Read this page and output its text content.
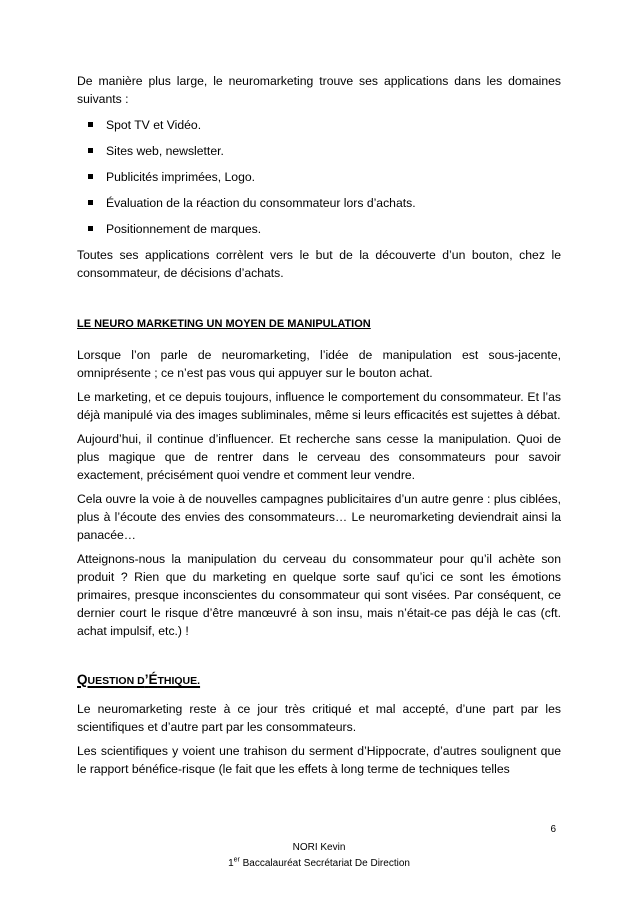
De manière plus large, le neuromarketing trouve ses applications dans les domaines suivants :

Spot TV et Vidéo.
Sites web, newsletter.
Publicités imprimées, Logo.
Évaluation de la réaction du consommateur lors d’achats.
Positionnement de marques.

Toutes ses applications corrèlent vers le but de la découverte d’un bouton, chez le consommateur, de décisions d’achats.

LE NEURO MARKETING UN MOYEN DE MANIPULATION

Lorsque l’on parle de neuromarketing, l’idée de manipulation est sous-jacente, omniprésente ; ce n’est pas vous qui appuyer sur le bouton achat.

Le marketing, et ce depuis toujours, influence le comportement du consommateur. Et l’as déjà manipulé via des images subliminales, même si leurs efficacités est sujettes à débat.

Aujourd’hui, il continue d’influencer. Et recherche sans cesse la manipulation. Quoi de plus magique que de rentrer dans le cerveau des consommateurs pour savoir exactement, précisément quoi vendre et comment leur vendre.

Cela ouvre la voie à de nouvelles campagnes publicitaires d’un autre genre : plus ciblées, plus à l’écoute des envies des consommateurs… Le neuromarketing deviendrait ainsi la panacée…

Atteignons-nous la manipulation du cerveau du consommateur pour qu’il achète son produit ? Rien que du marketing en quelque sorte sauf qu’ici ce sont les émotions primaires, presque inconscientes du consommateur qui sont visées. Par conséquent, ce dernier court le risque d’être manœuvré à son insu, mais n’était-ce pas déjà le cas (cft. achat impulsif, etc.) !

QUESTION D’ÉTHIQUE.

Le neuromarketing reste à ce jour très critiqué et mal accepté, d’une part par les scientifiques et d’autre part par les consommateurs.

Les scientifiques y voient une trahison du serment d’Hippocrate, d’autres soulignent que le rapport bénéfice-risque (le fait que les effets à long terme de techniques telles

6
NORI Kevin
1er Baccalauréat Secrétariat De Direction
